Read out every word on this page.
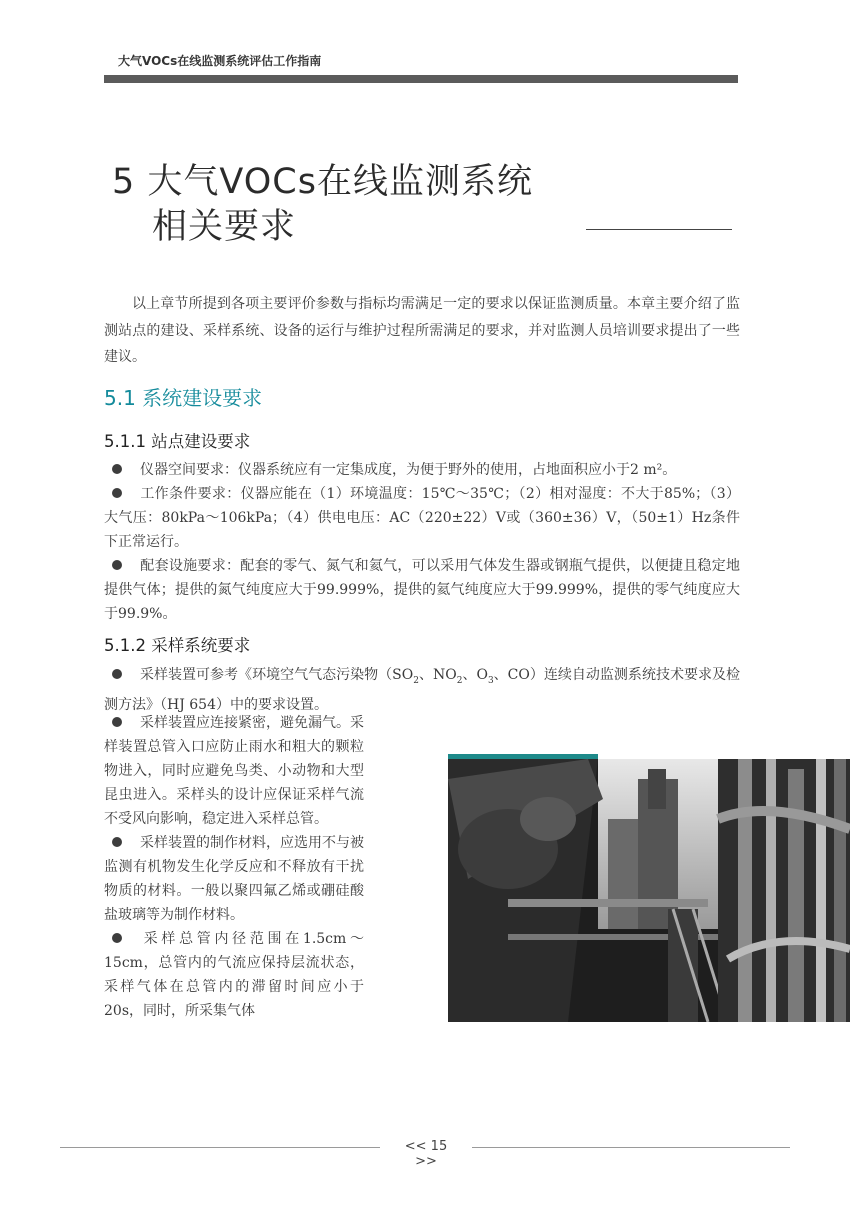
大气VOCs在线监测系统评估工作指南
5 大气VOCs在线监测系统
相关要求

以上章节所提到各项主要评价参数与指标均需满足一定的要求以保证监测质量。本章主要介绍了监测站点的建设、采样系统、设备的运行与维护过程所需满足的要求，并对监测人员培训要求提出了一些建议。

5.1 系统建设要求
5.1.1 站点建设要求

仪器空间要求：仪器系统应有一定集成度，为便于野外的使用，占地面积应小于2 m²。

工作条件要求：仪器应能在（1）环境温度：15℃～35℃；（2）相对湿度：不大于85%；（3）大气压：80kPa～106kPa；（4）供电电压：AC（220±22）V或（360±36）V，（50±1）Hz条件下正常运行。

配套设施要求：配套的零气、氮气和氦气，可以采用气体发生器或钢瓶气提供，以便捷且稳定地提供气体；提供的氮气纯度应大于99.999%，提供的氦气纯度应大于99.999%，提供的零气纯度应大于99.9%。

5.1.2 采样系统要求

采样装置可参考《环境空气气态污染物（$SO_2$、$NO_2$、$O_3$、CO）连续自动监测系统技术要求及检测方法》（HJ 654）中的要求设置。

采样装置应连接紧密，避免漏气。采样装置总管入口应防止雨水和粗大的颗粒物进入，同时应避免鸟类、小动物和大型昆虫进入。采样头的设计应保证采样气流不受风向影响，稳定进入采样总管。

采样装置的制作材料，应选用不与被监测有机物发生化学反应和不释放有干扰物质的材料。一般以聚四氟乙烯或硼硅酸盐玻璃等为制作材料。

采样总管内径范围在1.5cm～15cm，总管内的气流应保持层流状态，采样气体在总管内的滞留时间应小于20s，同时，所采集气体

<< 15 >>
